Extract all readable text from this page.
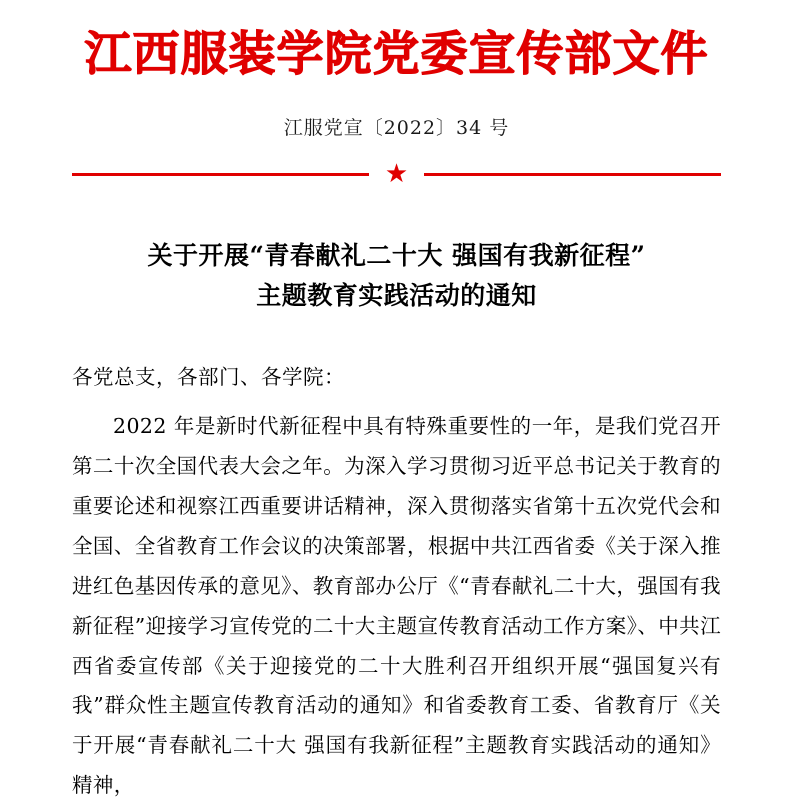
江西服装学院党委宣传部文件
江服党宣〔2022〕34 号
★
关于开展“青春献礼二十大 强国有我新征程”
主题教育实践活动的通知
各党总支，各部门、各学院：
2022 年是新时代新征程中具有特殊重要性的一年，是我们党召开第二十次全国代表大会之年。为深入学习贯彻习近平总书记关于教育的重要论述和视察江西重要讲话精神，深入贯彻落实省第十五次党代会和全国、全省教育工作会议的决策部署，根据中共江西省委《关于深入推进红色基因传承的意见》、教育部办公厅《“青春献礼二十大，强国有我新征程”迎接学习宣传党的二十大主题宣传教育活动工作方案》、中共江西省委宣传部《关于迎接党的二十大胜利召开组织开展“强国复兴有我”群众性主题宣传教育活动的通知》和省委教育工委、省教育厅《关于开展“青春献礼二十大 强国有我新征程”主题教育实践活动的通知》精神，
